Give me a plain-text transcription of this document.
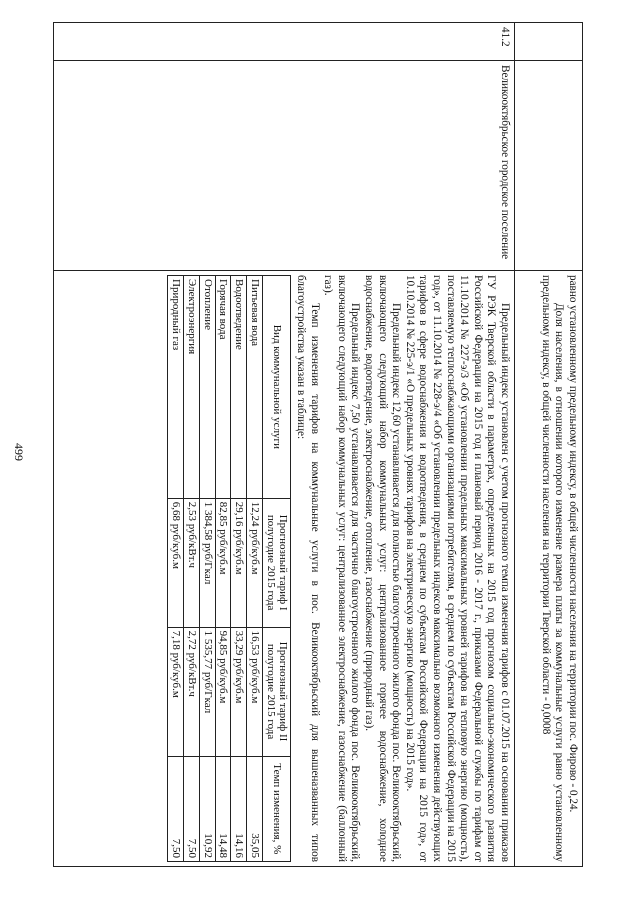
499
			равно установленному предельному индексу, в общей численности населения на территории пос. Фирово - 0,24.

Доля населения, в отношении которого изменение размера платы за коммунальные услуги равно установленному предельному индексу, в общей численности населения на территории Тверской области - 0,0008

41.2	Великооктябрьское городское поселение	

Предельный индекс установлен с учетом прогнозного темпа изменения тарифов с 01.07.2015 на основании приказов ГУ РЭК Тверской области в параметрах, определенных на 2015 год прогнозом социально-экономического развития Российской Федерации на 2015 год и плановый период 2016 - 2017 г., приказами Федеральной службы по тарифам от 11.10.2014 № 227-э/3 «Об установлении предельных максимальных уровней тарифов на тепловую энергию (мощность), поставляемую теплоснабжающими организациями потребителям, в среднем по субъектам Российской Федерации на 2015 год», от 11.10.2014 № 228-э/4 «Об установлении предельных индексов максимально возможного изменения действующих тарифов в сфере водоснабжения и водоотведения, в среднем по субъектам Российской Федерации на 2015 год», от 10.10.2014 № 225-э/1 «О предельных уровнях тарифов на электрическую энергию (мощность) на 2015 год».

Предельный индекс 12,60 устанавливается для полностью благоустроенного жилого фонда пос. Великооктябрьский, включающего следующий набор коммунальных услуг: централизованное горячее водоснабжение, холодное водоснабжение, водоотведение, электроснабжение, отопление, газоснабжение (природный газ).

Предельный индекс 7,50 устанавливается для частично благоустроенного жилого фонда пос. Великооктябрьский, включающего следующий набор коммунальных услуг: централизованное электроснабжение, газоснабжение (баллонный газ).

Темп изменения тарифов на коммунальные услуги в пос. Великооктябрьский для вышеназванных типов благоустройства указан в таблице:

Вид коммунальной услуги	Прогнозный тариф I полугодие 2015 года	Прогнозный тариф II полугодие 2015 года	Темп изменения, %
Питьевая вода	12,24 руб/куб.м	16,53 руб/куб.м	35,05
Водоотведение	29,16 руб/куб.м	33,29 руб/куб.м	14,16
Горячая вода	82,85 руб/куб.м	94,85 руб/куб.м	14,48
Отопление	1 384,58 руб/Гкал	1 535,77 руб/Гкал	10,92
Электроэнергия	2,53 руб/кВт.ч	2,72 руб/кВт.ч	7,50
Природный газ	6,68 руб/куб.м	7,18 руб/куб.м	7,50
